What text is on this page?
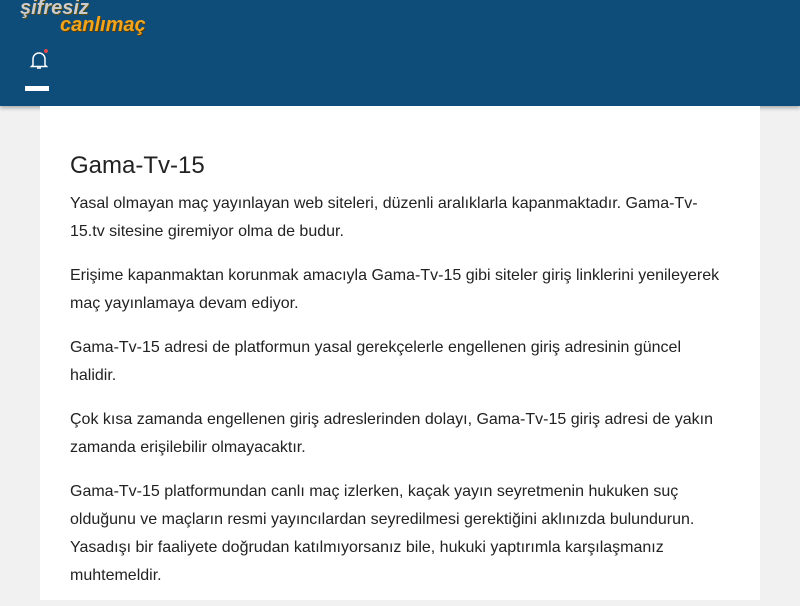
şifresiz
canlımaç
Gama-Tv-15

Yasal olmayan maç yayınlayan web siteleri, düzenli aralıklarla kapanmaktadır. Gama-Tv-15.tv sitesine giremiyor olma de budur.

Erişime kapanmaktan korunmak amacıyla Gama-Tv-15 gibi siteler giriş linklerini yenileyerek maç yayınlamaya devam ediyor.

Gama-Tv-15 adresi de platformun yasal gerekçelerle engellenen giriş adresinin güncel halidir.

Çok kısa zamanda engellenen giriş adreslerinden dolayı, Gama-Tv-15 giriş adresi de yakın zamanda erişilebilir olmayacaktır.

Gama-Tv-15 platformundan canlı maç izlerken, kaçak yayın seyretmenin hukuken suç olduğunu ve maçların resmi yayıncılardan seyredilmesi gerektiğini aklınızda bulundurun. Yasadışı bir faaliyete doğrudan katılmıyorsanız bile, hukuki yaptırımla karşılaşmanız muhtemeldir.
